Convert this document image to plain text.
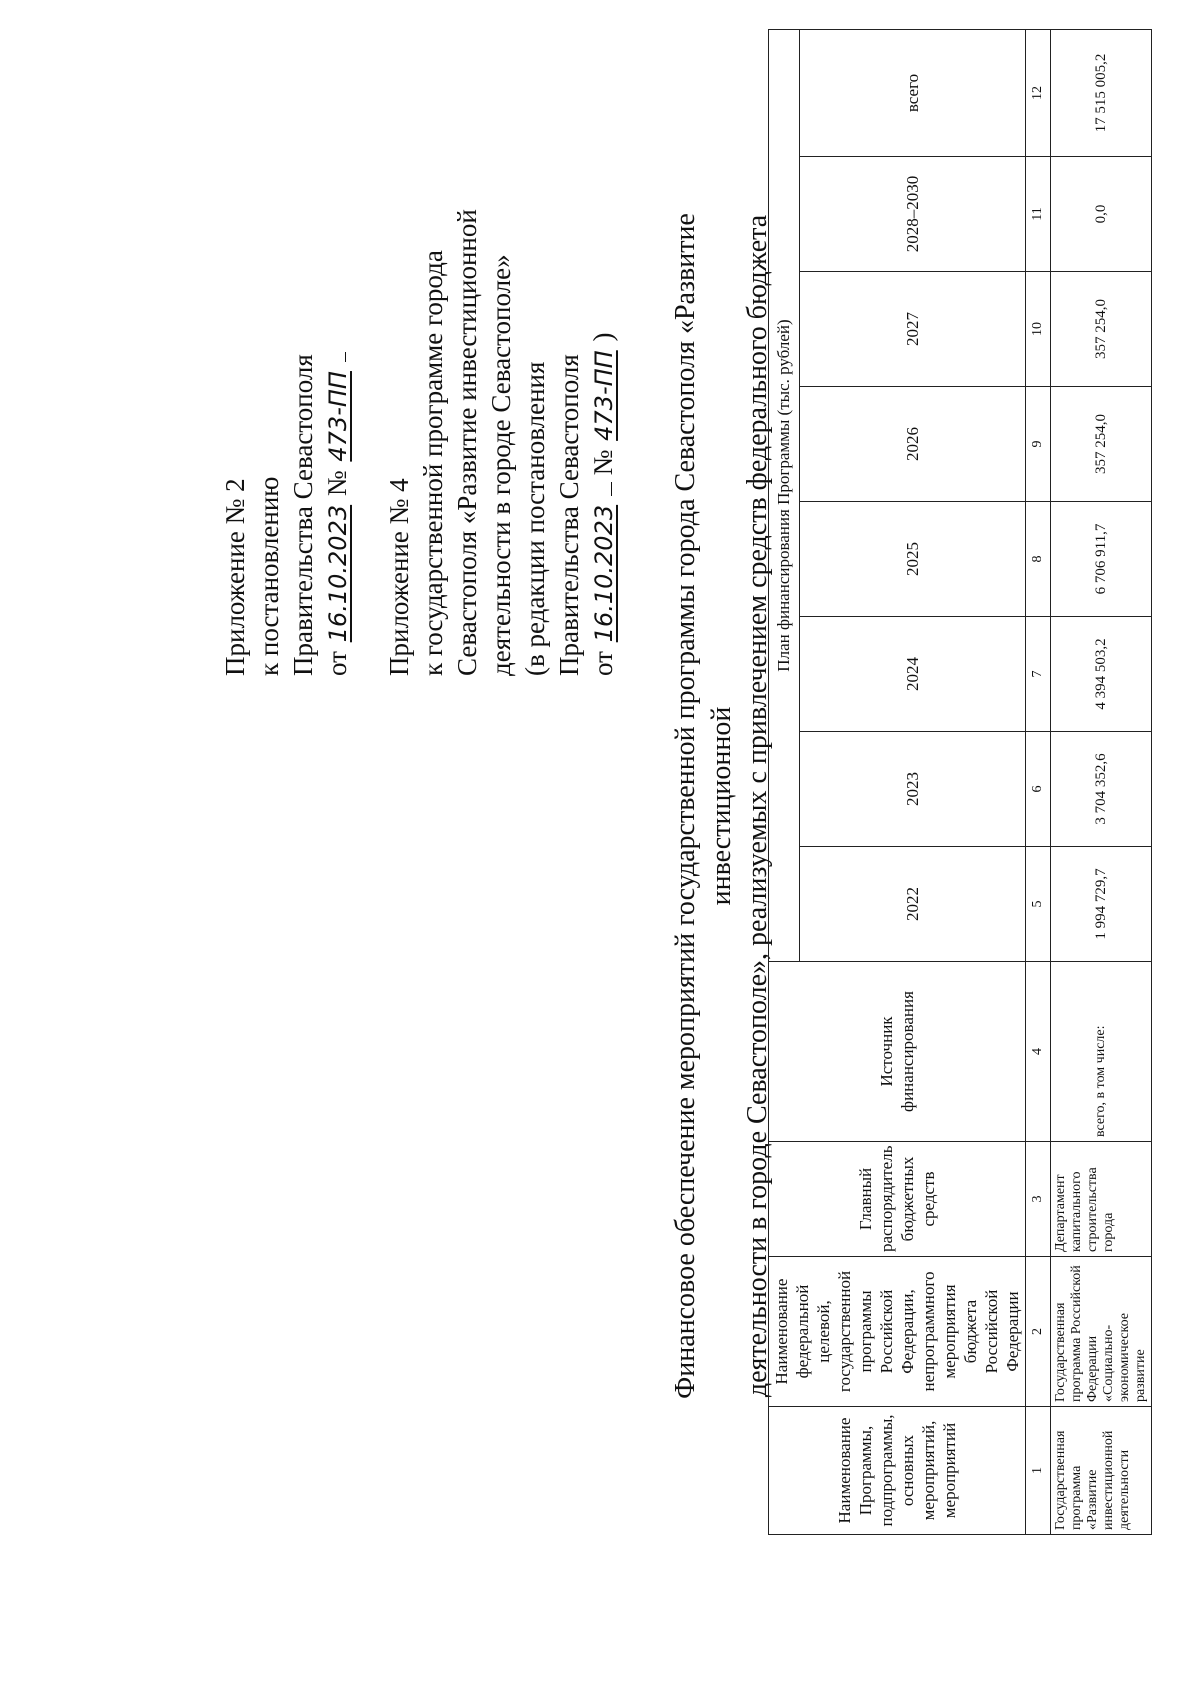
Приложение № 2 к постановлению Правительства Севастополя от 16.10.2023 № 473-ПП
Приложение № 4 к государственной программе города Севастополя «Развитие инвестиционной деятельности в городе Севастополе» (в редакции постановления Правительства Севастополя от 16.10.2023  № 473-ПП ) Финансовое обеспечение мероприятий государственной программы города Севастополя «Развитие инвестиционной деятельности в городе Севастополе», реализуемых с привлечением средств федерального бюджета
Наименование Программы, подпрограммы, основных мероприятий, мероприятий	Наименование федеральной целевой, государственной программы Российской Федерации, непрограммного мероприятия бюджета Российской Федерации	Главный распорядитель бюджетных средств	Источник финансирования	План финансирования Программы (тыс. рублей)							
				2022	2023	2024	2025	2026	2027	2028–2030	всего
1	2	3	4	5	6	7	8	9	10	11	12
Государственная программа «Развитие инвестиционной деятельности	Государственная программа Российской Федерации «Социально-экономическое развитие	Департамент капитального строительства города	всего, в том числе:	1 994 729,7	3 704 352,6	4 394 503,2	6 706 911,7	357 254,0	357 254,0	0,0	17 515 005,2
